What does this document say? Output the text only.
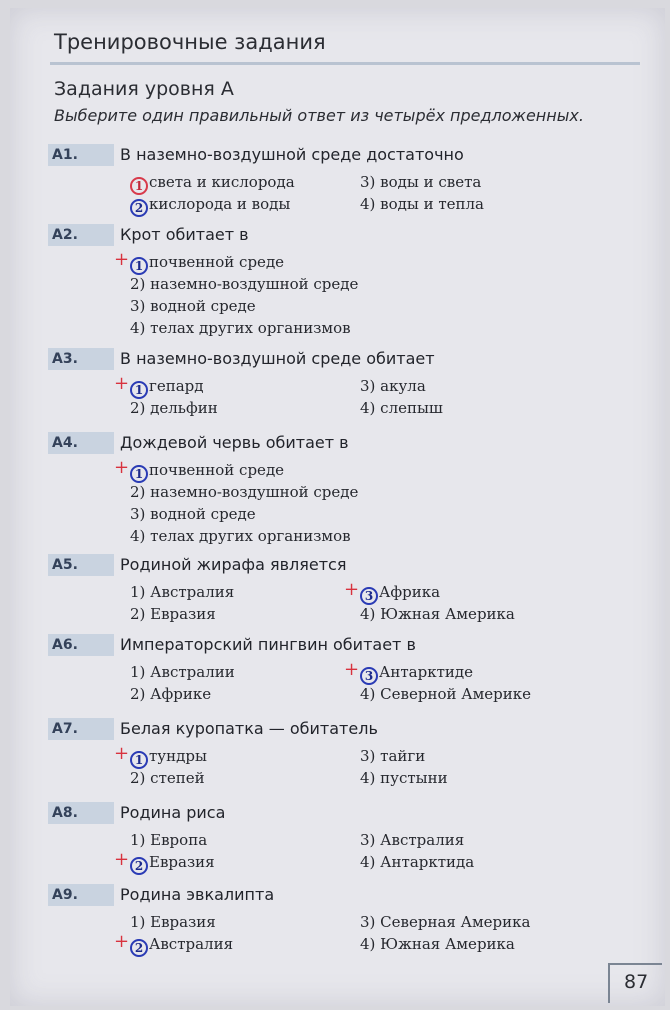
Тренировочные задания
Задания уровня А
Выберите один правильный ответ из четырёх предложенных.
A1.	В наземно-воздушной среде достаточно
1 света и кислорода
2 кислорода и воды
3) воды и света
4) воды и тепла
A2.	Крот обитает в
+ 1 почвенной среде
2) наземно-воздушной среде
3) водной среде
4) телах других организмов
A3.	В наземно-воздушной среде обитает
+ 1 гепард
2) дельфин
3) акула
4) слепыш
A4.	Дождевой червь обитает в
+ 1 почвенной среде
2) наземно-воздушной среде
3) водной среде
4) телах других организмов
A5.	Родиной жирафа является
1) Австралия
2) Евразия
+ 3 Африка
4) Южная Америка
A6.	Императорский пингвин обитает в
1) Австралии
2) Африке
+ 3 Антарктиде
4) Северной Америке
A7.	Белая куропатка — обитатель
+ 1 тундры
2) степей
3) тайги
4) пустыни
A8.	Родина риса
1) Европа
+ 2 Евразия
3) Австралия
4) Антарктида
A9.	Родина эвкалипта
1) Евразия
+ 2 Австралия
3) Северная Америка
4) Южная Америка
87
